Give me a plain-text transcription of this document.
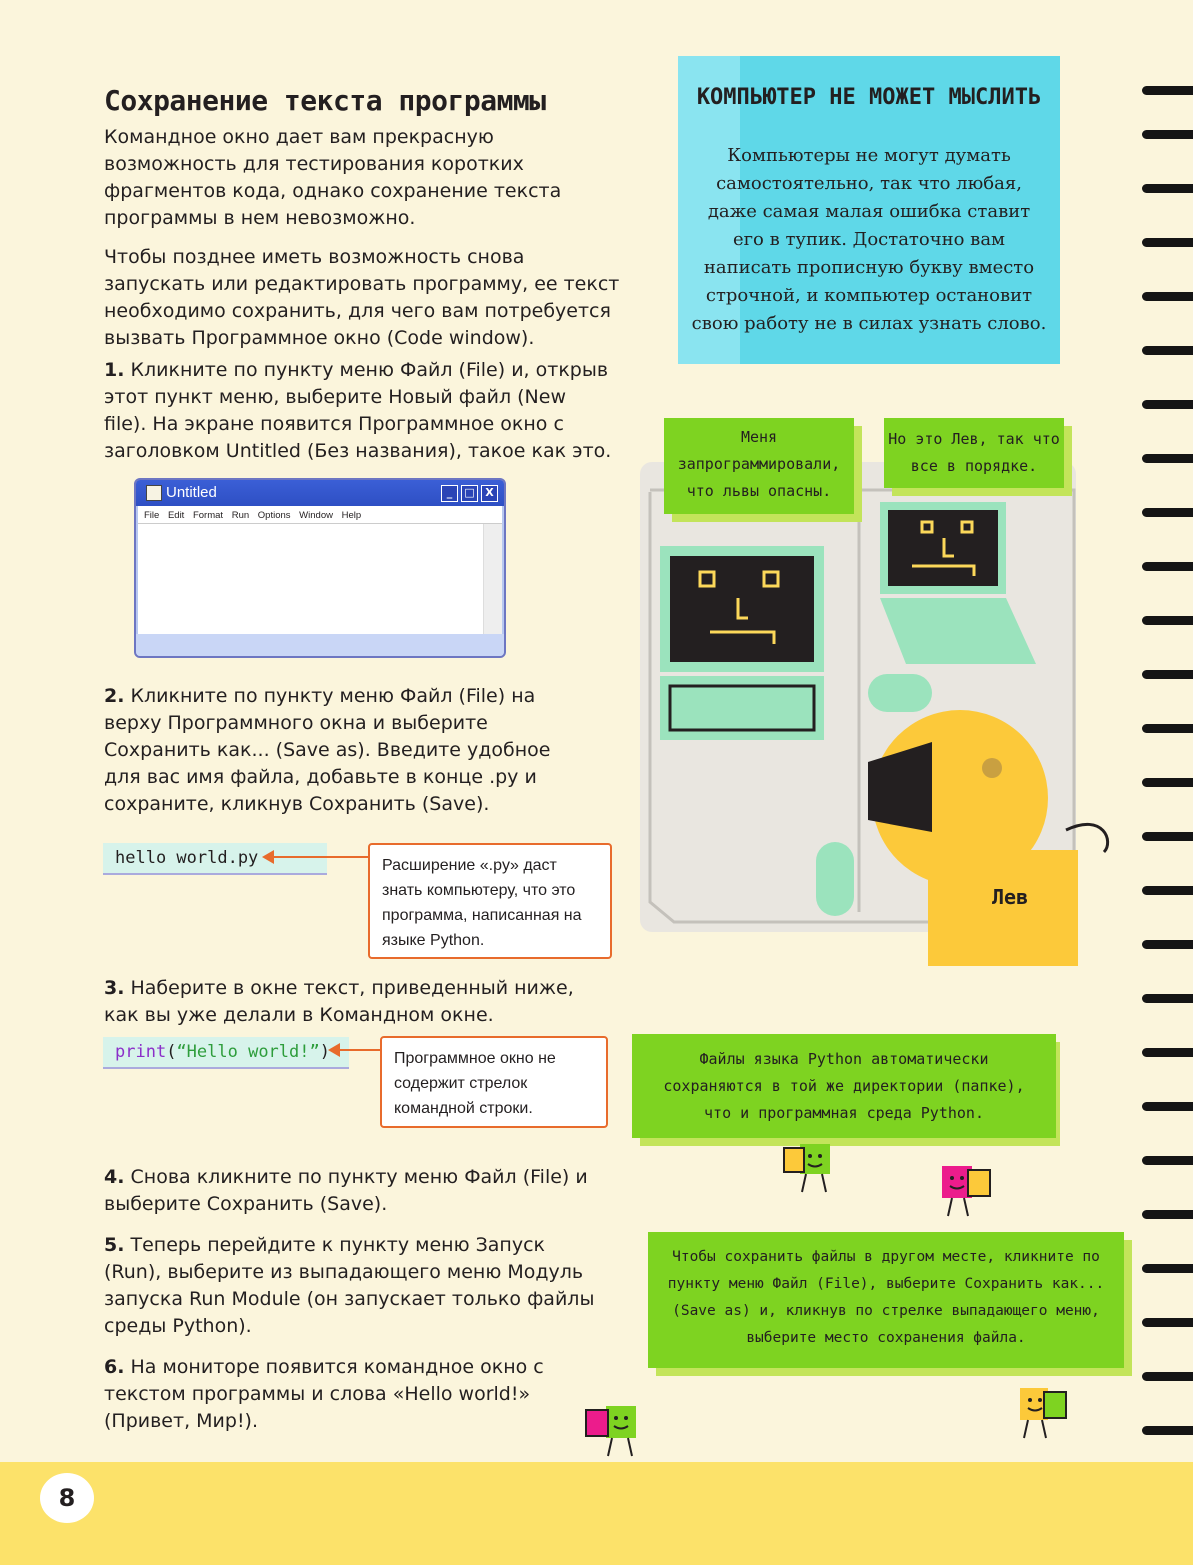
Сохранение текста программы
Командное окно дает вам прекрасную возможность для тестирования коротких фрагментов кода, однако сохранение текста программы в нем невозможно.
Чтобы позднее иметь возможность снова запускать или редактировать программу, ее текст необходимо сохранить, для чего вам потребуется вызвать Программное окно (Code window).
1. Кликните по пункту меню Файл (File) и, открыв этот пункт меню, выберите Новый файл (New file). На экране появится Программное окно с заголовком Untitled (Без названия), такое как это.
Untitled	_	□ X
File Edit Format Run Options Window Help
2. Кликните по пункту меню Файл (File) на верху Программного окна и выберите Сохранить как... (Save as). Введите удобное для вас имя файла, добавьте в конце .py и сохраните, кликнув Сохранить (Save).
hello world.py	Расширение «.py» даст знать компьютеру, что это программа, написанная на языке Python.
3. Наберите в окне текст, приведенный ниже, как вы уже делали в Командном окне.
print(“Hello world!”)	Программное окно не содержит стрелок командной строки.
4. Снова кликните по пункту меню Файл (File) и выберите Сохранить (Save).
5. Теперь перейдите к пункту меню Запуск (Run), выберите из выпадающего меню Модуль запуска Run Module (он запускает только файлы среды Python).
6. На мониторе появится командное окно с текстом программы и слова «Hello world!» (Привет, Мир!).
КОМПЬЮТЕР НЕ МОЖЕТ МЫСЛИТЬ
Компьютеры не могут думать самостоятельно, так что любая, даже самая малая ошибка ставит его в тупик. Достаточно вам написать прописную букву вместо строчной, и компьютер остановит свою работу не в силах узнать слово.
Лев
Меня запрограммировали, что львы опасны.
Но это Лев, так что все в порядке.
Файлы языка Python автоматически сохраняются в той же директории (папке), что и программная среда Python.
Чтобы сохранить файлы в другом месте, кликните по пункту меню Файл (File), выберите Сохранить как... (Save as) и, кликнув по стрелке выпадающего меню, выберите место сохранения файла.
8
